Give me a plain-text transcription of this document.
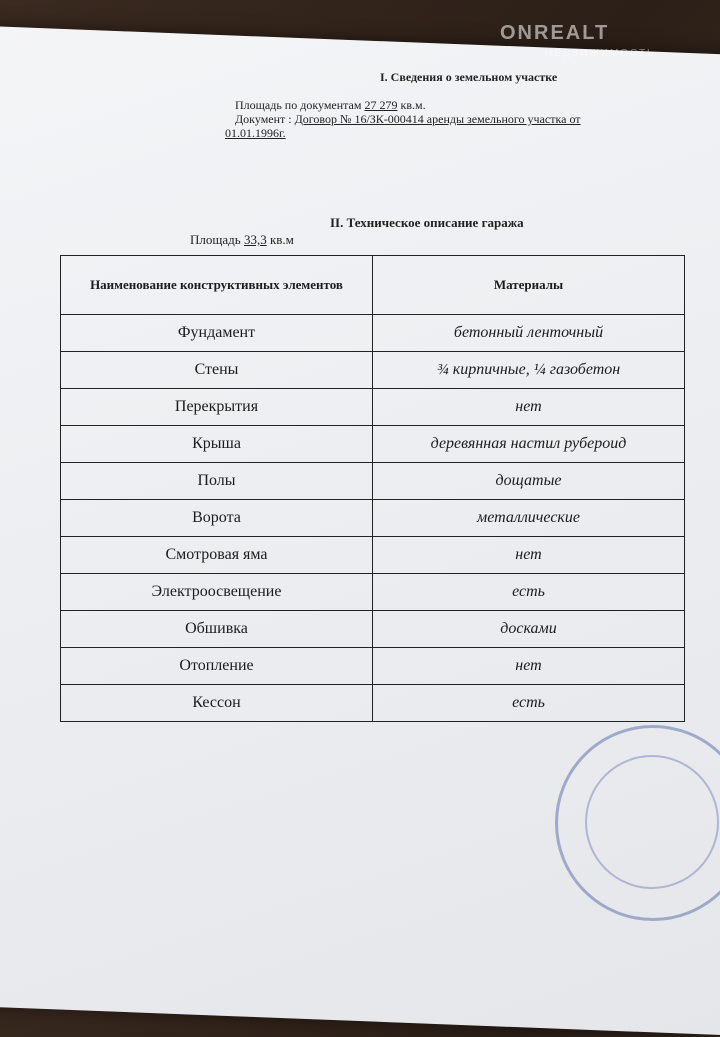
ONREALT
НЕДВИЖИМОСТЬ
I. Сведения о земельном участке
Площадь по документам 27 279 кв.м.
Документ : Договор № 16/ЗК-000414 аренды земельного участка от
01.01.1996г.
II. Техническое описание гаража
Площадь 33,3 кв.м
Наименование конструктивных элементов	Материалы
Фундамент	бетонный ленточный
Стены	¾ кирпичные, ¼ газобетон
Перекрытия	нет
Крыша	деревянная настил рубероид
Полы	дощатые
Ворота	металлические
Смотровая яма	нет
Электроосвещение	есть
Обшивка	досками
Отопление	нет
Кессон	есть
